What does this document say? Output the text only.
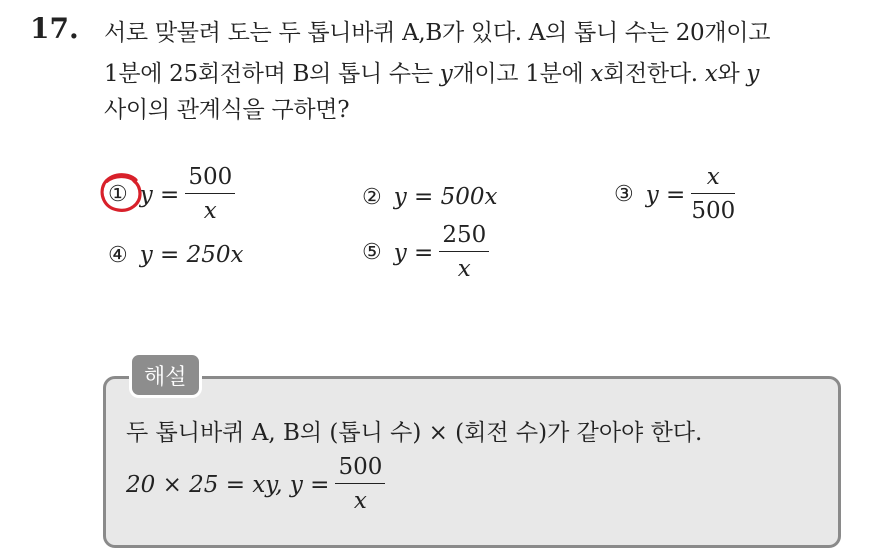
17. 서로 맞물려 도는 두 톱니바퀴 A,B가 있다. A의 톱니 수는 20개이고
1분에 25회전하며 B의 톱니 수는 y개이고 1분에 x회전한다. x와 y
사이의 관계식을 구하면?
① $y = \frac{500}{x}$	② y = 500x	③ $y = \frac{x}{500}$
④ y = 250x	⑤ $y = \frac{250}{x}$
해설
두 톱니바퀴 A, B의 (톱니 수) × (회전 수)가 같아야 한다.
20 × 25 = xy, $y = \frac{500}{x}$
